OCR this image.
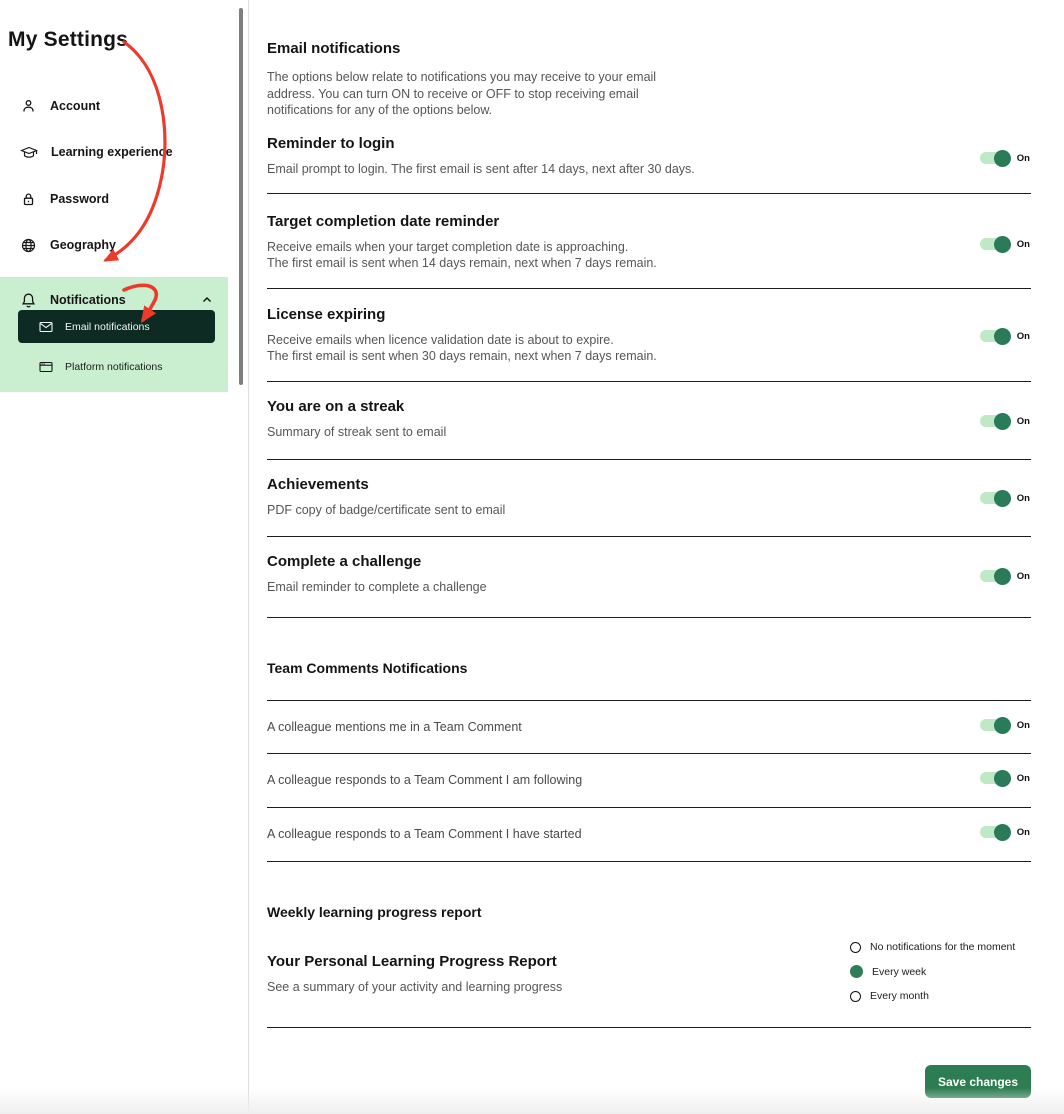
My Settings
Account
Learning experience
Password
Geography
Notifications
Email notifications
Platform notifications
Email notifications
The options below relate to notifications you may receive to your email address. You can turn ON to receive or OFF to stop receiving email notifications for any of the options below.
Reminder to login
Email prompt to login. The first email is sent after 14 days, next after 30 days.
On
Target completion date reminder
Receive emails when your target completion date is approaching.
The first email is sent when 14 days remain, next when 7 days remain.
On
License expiring
Receive emails when licence validation date is about to expire.
The first email is sent when 30 days remain, next when 7 days remain.
On
You are on a streak
Summary of streak sent to email
On
Achievements
PDF copy of badge/certificate sent to email
On
Complete a challenge
Email reminder to complete a challenge
On
Team Comments Notifications
A colleague mentions me in a Team Comment	On
A colleague responds to a Team Comment I am following	On
A colleague responds to a Team Comment I have started	On
Weekly learning progress report
Your Personal Learning Progress Report
See a summary of your activity and learning progress
No notifications for the moment
Every week
Every month
Save changes
